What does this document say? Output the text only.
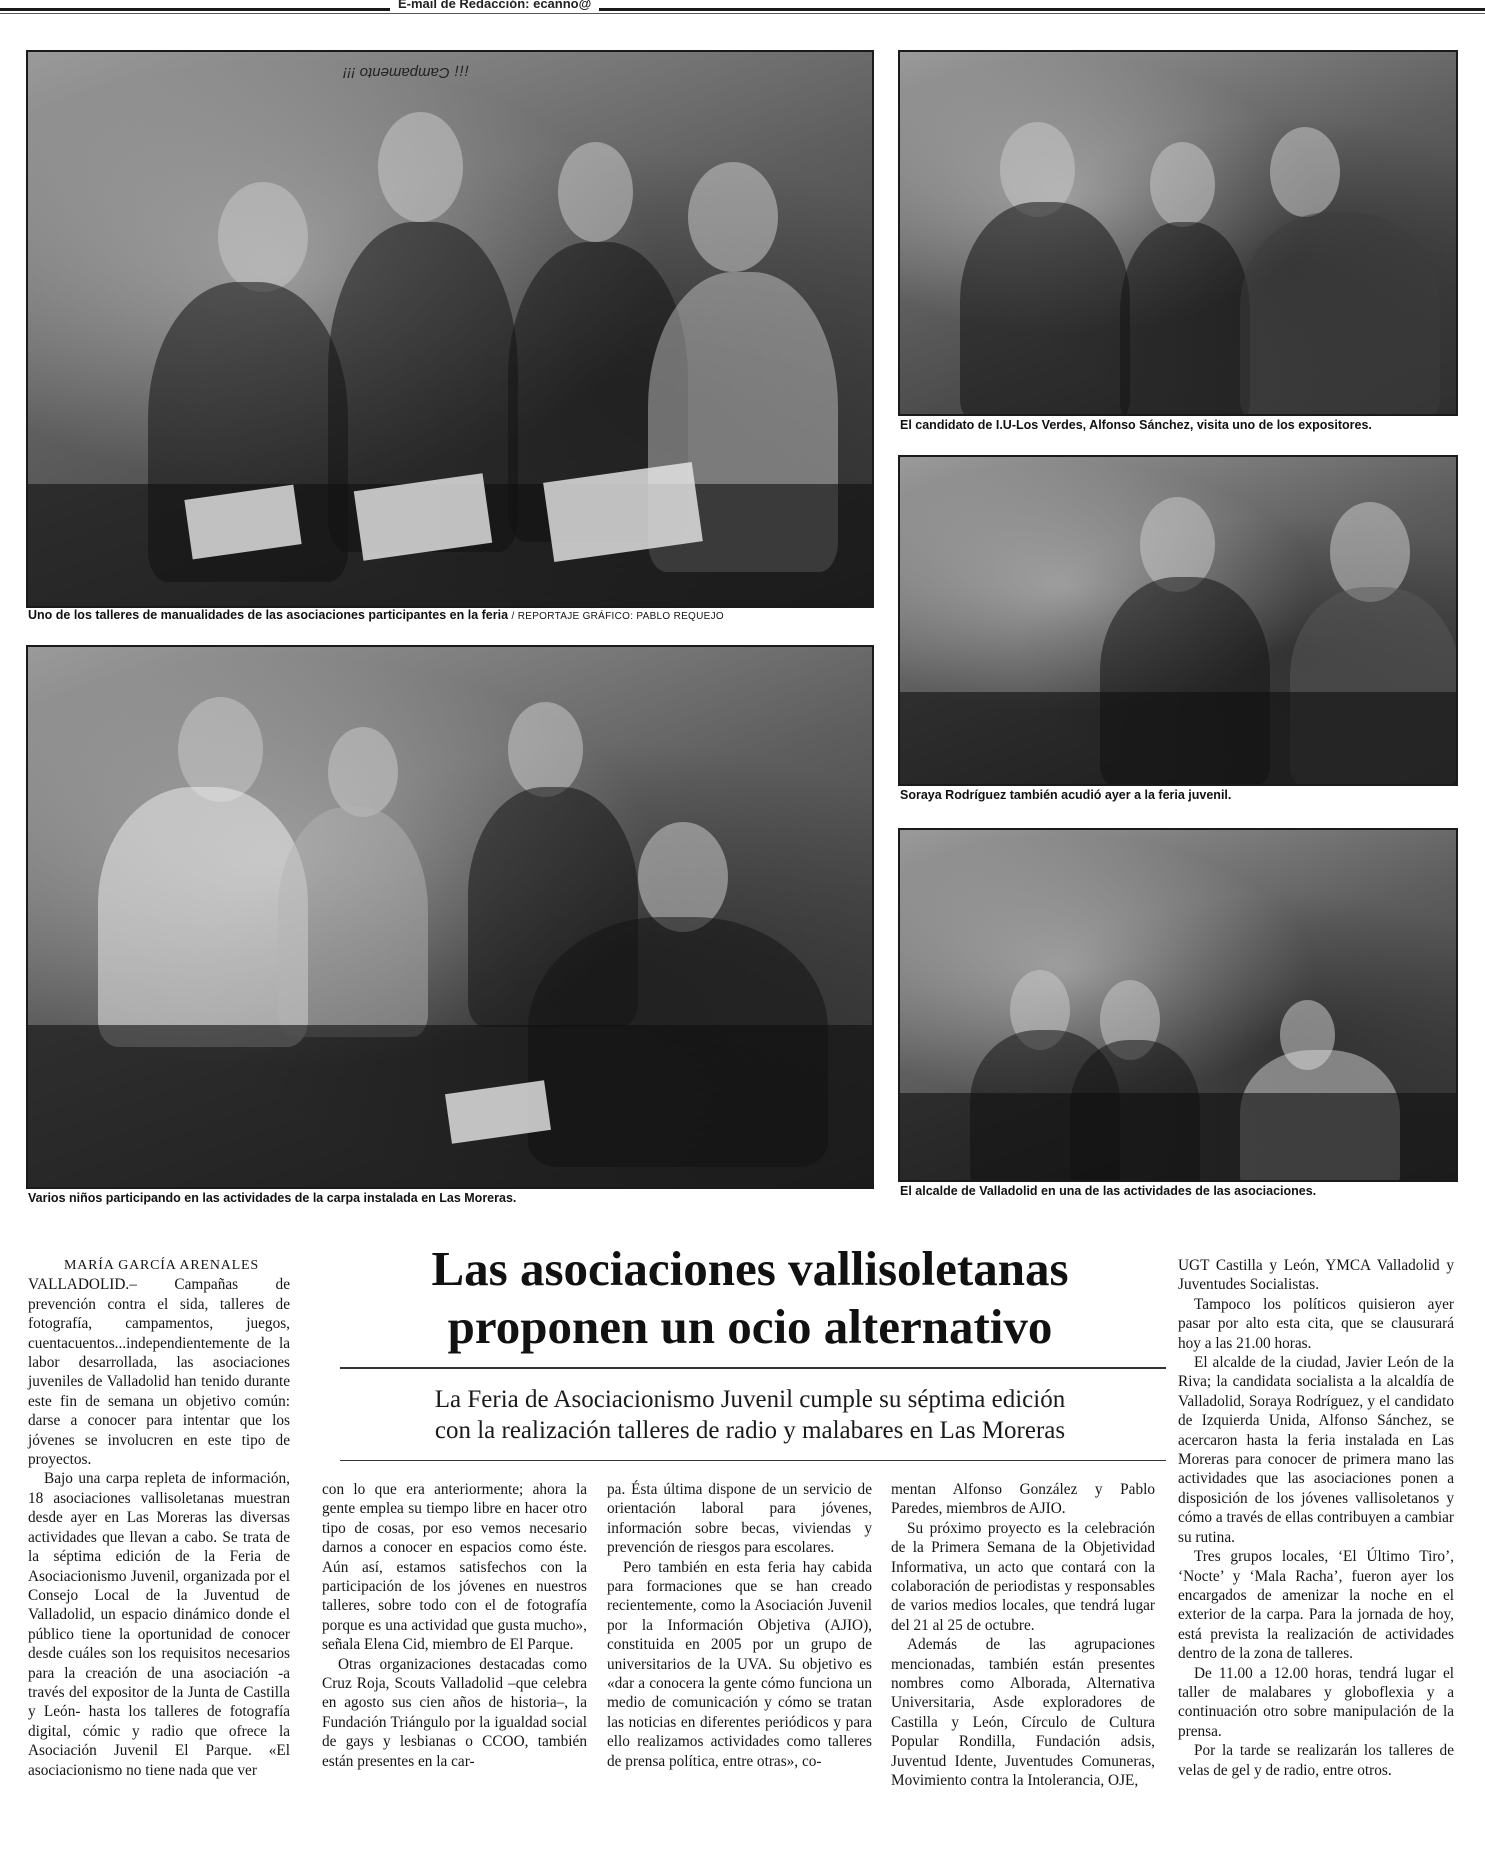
E-mail de Redacción: ecanno@
¡¡¡ Campamento !!!
Uno de los talleres de manualidades de las asociaciones participantes en la feria / REPORTAJE GRÁFICO: PABLO REQUEJO
El candidato de I.U-Los Verdes, Alfonso Sánchez, visita uno de los expositores.
Soraya Rodríguez también acudió ayer a la feria juvenil.
Varios niños participando en las actividades de la carpa instalada en Las Moreras.	El alcalde de Valladolid en una de las actividades de las asociaciones.
Las asociaciones vallisoletanas
proponen un ocio alternativo
La Feria de Asociacionismo Juvenil cumple su séptima edición
con la realización talleres de radio y malabares en Las Moreras

MARÍA GARCÍA ARENALES

VALLADOLID.– Campañas de prevención contra el sida, talleres de fotografía, campamentos, juegos, cuentacuentos...independientemente de la labor desarrollada, las asociaciones juveniles de Valladolid han tenido durante este fin de semana un objetivo común: darse a conocer para intentar que los jóvenes se involucren en este tipo de proyectos.

Bajo una carpa repleta de información, 18 asociaciones vallisoletanas muestran desde ayer en Las Moreras las diversas actividades que llevan a cabo. Se trata de la séptima edición de la Feria de Asociacionismo Juvenil, organizada por el Consejo Local de la Juventud de Valladolid, un espacio dinámico donde el público tiene la oportunidad de conocer desde cuáles son los requisitos necesarios para la creación de una asociación -a través del expositor de la Junta de Castilla y León- hasta los talleres de fotografía digital, cómic y radio que ofrece la Asociación Juvenil El Parque. «El asociacionismo no tiene nada que ver

con lo que era anteriormente; ahora la gente emplea su tiempo libre en hacer otro tipo de cosas, por eso vemos necesario darnos a conocer en espacios como éste. Aún así, estamos satisfechos con la participación de los jóvenes en nuestros talleres, sobre todo con el de fotografía porque es una actividad que gusta mucho», señala Elena Cid, miembro de El Parque.

Otras organizaciones destacadas como Cruz Roja, Scouts Valladolid –que celebra en agosto sus cien años de historia–, la Fundación Triángulo por la igualdad social de gays y lesbianas o CCOO, también están presentes en la car-

pa. Ésta última dispone de un servicio de orientación laboral para jóvenes, información sobre becas, viviendas y prevención de riesgos para escolares.

Pero también en esta feria hay cabida para formaciones que se han creado recientemente, como la Asociación Juvenil por la Información Objetiva (AJIO), constituida en 2005 por un grupo de universitarios de la UVA. Su objetivo es «dar a conocera la gente cómo funciona un medio de comunicación y cómo se tratan las noticias en diferentes periódicos y para ello realizamos actividades como talleres de prensa política, entre otras», co-

mentan Alfonso González y Pablo Paredes, miembros de AJIO.

Su próximo proyecto es la celebración de la Primera Semana de la Objetividad Informativa, un acto que contará con la colaboración de periodistas y responsables de varios medios locales, que tendrá lugar del 21 al 25 de octubre.

Además de las agrupaciones mencionadas, también están presentes nombres como Alborada, Alternativa Universitaria, Asde exploradores de Castilla y León, Círculo de Cultura Popular Rondilla, Fundación adsis, Juventud Idente, Juventudes Comuneras, Movimiento contra la Intolerancia, OJE,

UGT Castilla y León, YMCA Valladolid y Juventudes Socialistas.

Tampoco los políticos quisieron ayer pasar por alto esta cita, que se clausurará hoy a las 21.00 horas.

El alcalde de la ciudad, Javier León de la Riva; la candidata socialista a la alcaldía de Valladolid, Soraya Rodríguez, y el candidato de Izquierda Unida, Alfonso Sánchez, se acercaron hasta la feria instalada en Las Moreras para conocer de primera mano las actividades que las asociaciones ponen a disposición de los jóvenes vallisoletanos y cómo a través de ellas contribuyen a cambiar su rutina.

Tres grupos locales, ‘El Último Tiro’, ‘Nocte’ y ‘Mala Racha’, fueron ayer los encargados de amenizar la noche en el exterior de la carpa. Para la jornada de hoy, está prevista la realización de actividades dentro de la zona de talleres.

De 11.00 a 12.00 horas, tendrá lugar el taller de malabares y globoflexia y a continuación otro sobre manipulación de la prensa.

Por la tarde se realizarán los talleres de velas de gel y de radio, entre otros.
